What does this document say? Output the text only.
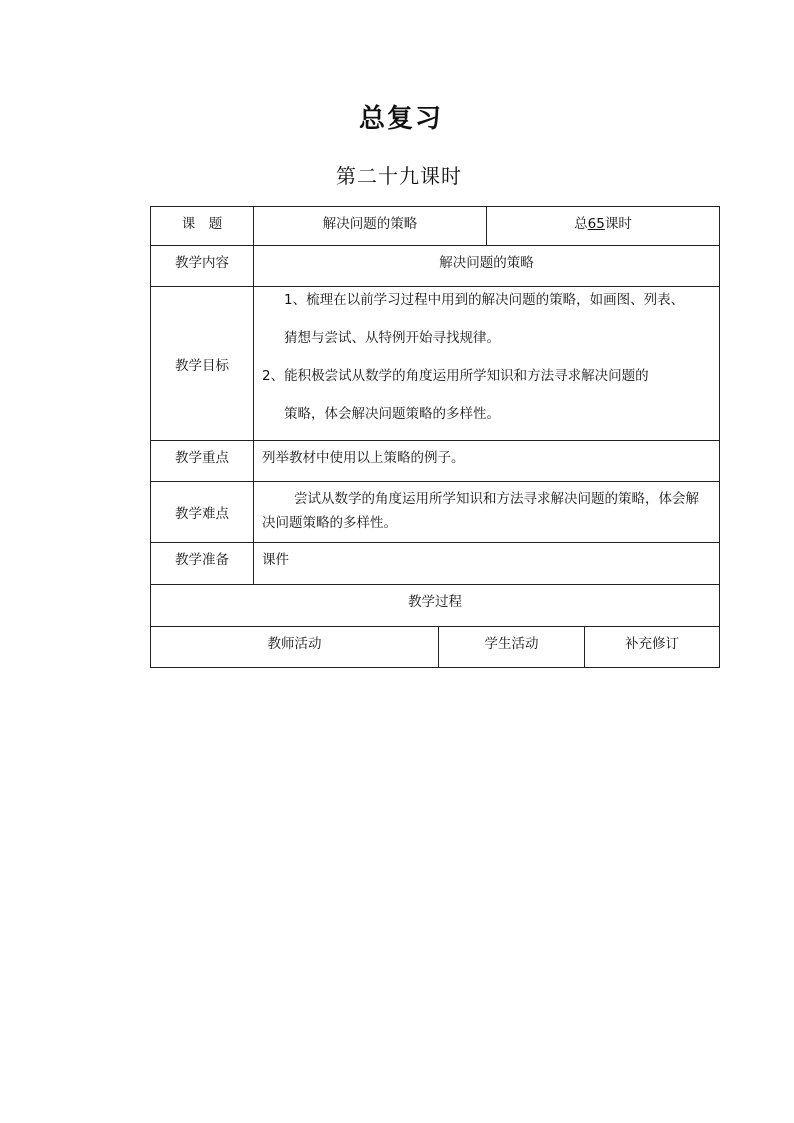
总复习
第二十九课时
课　题	解决问题的策略		总65课时	
教学内容	解决问题的策略			
教学目标	1、梳理在以前学习过程中用到的解决问题的策略，如画图、列表、
猜想与尝试、从特例开始寻找规律。
2、能积极尝试从数学的角度运用所学知识和方法寻求解决问题的
策略，体会解决问题策略的多样性。			

教学重点	列举教材中使用以上策略的例子。			
教学难点	尝试从数学的角度运用所学知识和方法寻求解决问题的策略，体会解决问题策略的多样性。			

教学准备	课件			
教学过程				
教师活动		学生活动		补充修订
